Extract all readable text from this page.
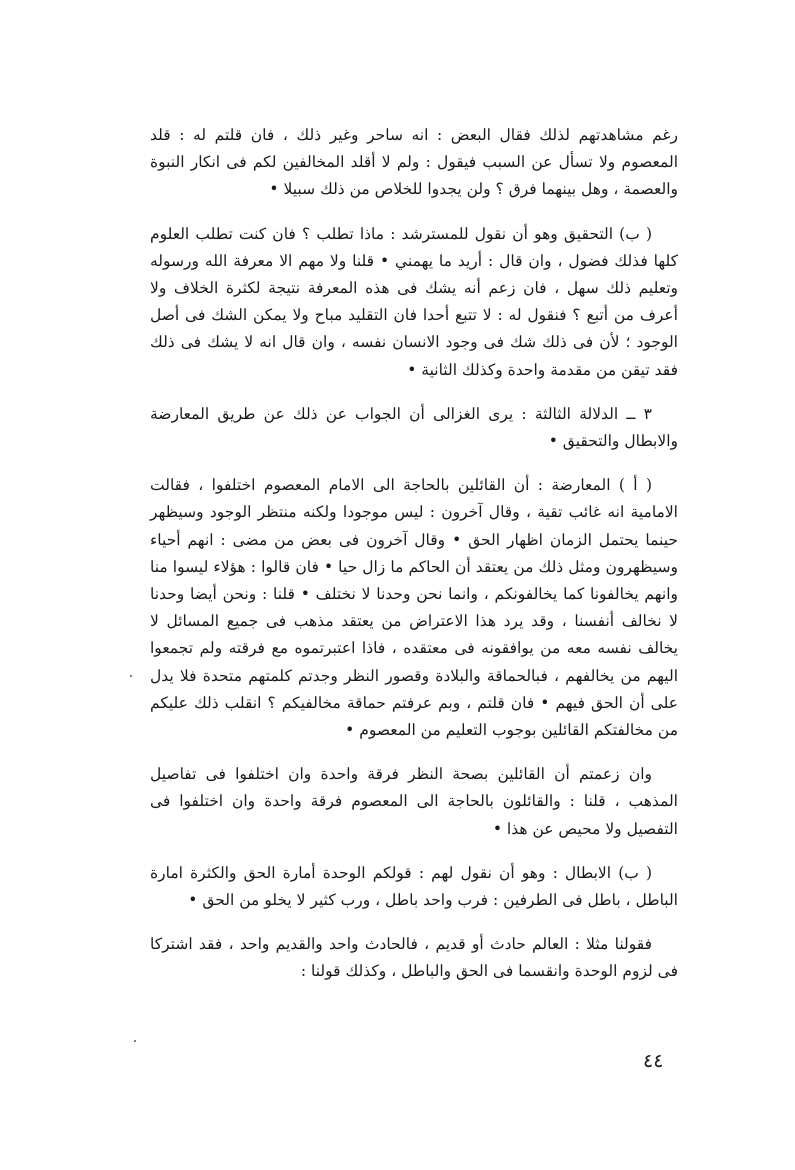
رغم مشاهدتهم لذلك فقال البعض : انه ساحر وغير ذلك ، فان قلتم له : قلد المعصوم ولا تسأل عن السبب فيقول : ولم لا أقلد المخالفين لكم فى انكار النبوة والعصمة ، وهل بينهما فرق ؟ ولن يجدوا للخلاص من ذلك سبيلا •

( ب) التحقيق وهو أن نقول للمسترشد : ماذا تطلب ؟ فان كنت تطلب العلوم كلها فذلك فضول ، وان قال : أريد ما يهمني • قلنا ولا مهم الا معرفة الله ورسوله وتعليم ذلك سهل ، فان زعم أنه يشك فى هذه المعرفة نتيجة لكثرة الخلاف ولا أعرف من أتبع ؟ فنقول له : لا تتبع أحدا فان التقليد مباح ولا يمكن الشك فى أصل الوجود ؛ لأن فى ذلك شك فى وجود الانسان نفسه ، وان قال انه لا يشك فى ذلك فقد تيقن من مقدمة واحدة وكذلك الثانية •

٣ ــ الدلالة الثالثة : يرى الغزالى أن الجواب عن ذلك عن طريق المعارضة والابطال والتحقيق •

( أ ) المعارضة : أن القائلين بالحاجة الى الامام المعصوم اختلفوا ، فقالت الامامية انه غائب تقية ، وقال آخرون : ليس موجودا ولكنه منتظر الوجود وسيظهر حينما يحتمل الزمان اظهار الحق • وقال آخرون فى بعض من مضى : انهم أحياء وسيظهرون ومثل ذلك من يعتقد أن الحاكم ما زال حيا • فان قالوا : هؤلاء ليسوا منا وانهم يخالفونا كما يخالفونكم ، وانما نحن وحدنا لا نختلف • قلنا : ونحن أيضا وحدنا لا نخالف أنفسنا ، وقد يرد هذا الاعتراض من يعتقد مذهب فى جميع المسائل لا يخالف نفسه معه من يوافقونه فى معتقده ، فاذا اعتبرتموه مع فرقته ولم تجمعوا اليهم من يخالفهم ، فبالحماقة والبلادة وقصور النظر وجدتم كلمتهم متحدة فلا يدل على أن الحق فيهم • فان قلتم ، وبم عرفتم حماقة مخالفيكم ؟ انقلب ذلك عليكم من مخالفتكم القائلين بوجوب التعليم من المعصوم •

وان زعمتم أن القائلين بصحة النظر فرقة واحدة وان اختلفوا فى تفاصيل المذهب ، قلنا : والقائلون بالحاجة الى المعصوم فرقة واحدة وان اختلفوا فى التفصيل ولا محيص عن هذا •

( ب) الابطال : وهو أن نقول لهم : قولكم الوحدة أمارة الحق والكثرة امارة الباطل ، باطل فى الطرفين : فرب واحد باطل ، ورب كثير لا يخلو من الحق •

فقولنا مثلا : العالم حادث أو قديم ، فالحادث واحد والقديم واحد ، فقد اشتركا فى لزوم الوحدة وانقسما فى الحق والباطل ، وكذلك قولنا :

٤٤
